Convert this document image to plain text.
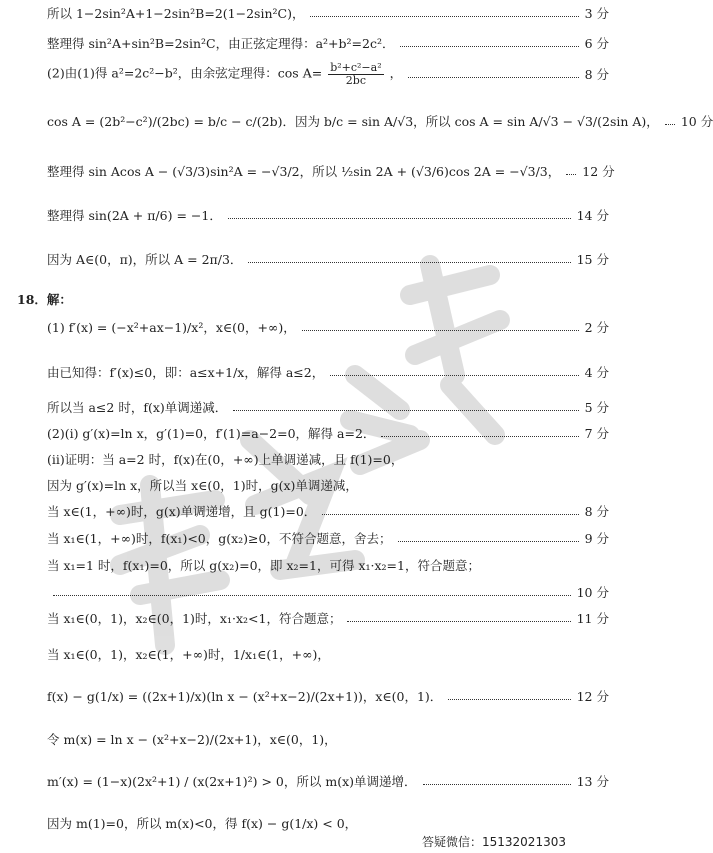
书翻之家
所以 1−2sin²A+1−2sin²B=2(1−2sin²C)，	3 分
整理得 sin²A+sin²B=2sin²C，由正弦定理得：a²+b²=2c²．	6 分
(2)由(1)得 a²=2c²−b²，由余弦定理得：$\cos A= \frac{\text{b²+c²−a²}}{2bc}$ ，	8 分
cos A = (2b²−c²)/(2bc) = b/c − c/(2b)．因为 b/c = sin A/√3，所以 cos A = sin A/√3 − √3/(2sin A)， 10 分
整理得 sin Acos A − (√3/3)sin²A = −√3/2，所以 ½sin 2A + (√3/6)cos 2A = −√3/3， 12 分
整理得 sin(2A + π/6) = −1．	14 分
因为 A∈(0，π)，所以 A = 2π/3．	15 分
18．解：
(1) f′(x) = (−x²+ax−1)/x²，x∈(0，+∞)，	2 分
由已知得：f′(x)≤0，即：a≤x+1/x，解得 a≤2，	4 分
所以当 a≤2 时，f(x)单调递减．	5 分
(2)(ⅰ) g′(x)=ln x，g′(1)=0，f′(1)=a−2=0，解得 a=2．	7 分
(ⅱ)证明：当 a=2 时，f(x)在(0，+∞)上单调递减，且 f(1)=0，
因为 g′(x)=ln x，所以当 x∈(0，1)时，g(x)单调递减，
当 x∈(1，+∞)时，g(x)单调递增，且 g(1)=0．	8 分
当 x₁∈(1，+∞)时，f(x₁)<0，g(x₂)≥0，不符合题意，舍去；	9 分
当 x₁=1 时，f(x₁)=0，所以 g(x₂)=0，即 x₂=1，可得 x₁·x₂=1，符合题意；
10 分
当 x₁∈(0，1)，x₂∈(0，1)时，x₁·x₂<1，符合题意；	11 分
当 x₁∈(0，1)，x₂∈(1，+∞)时，1/x₁∈(1，+∞)，
f(x) − g(1/x) = ((2x+1)/x)(ln x − (x²+x−2)/(2x+1))，x∈(0，1)．	12 分
令 m(x) = ln x − (x²+x−2)/(2x+1)，x∈(0，1)，
m′(x) = (1−x)(2x²+1) / (x(2x+1)²) > 0，所以 m(x)单调递增．	13 分
因为 m(1)=0，所以 m(x)<0，得 f(x) − g(1/x) < 0，
答疑微信：15132021303
